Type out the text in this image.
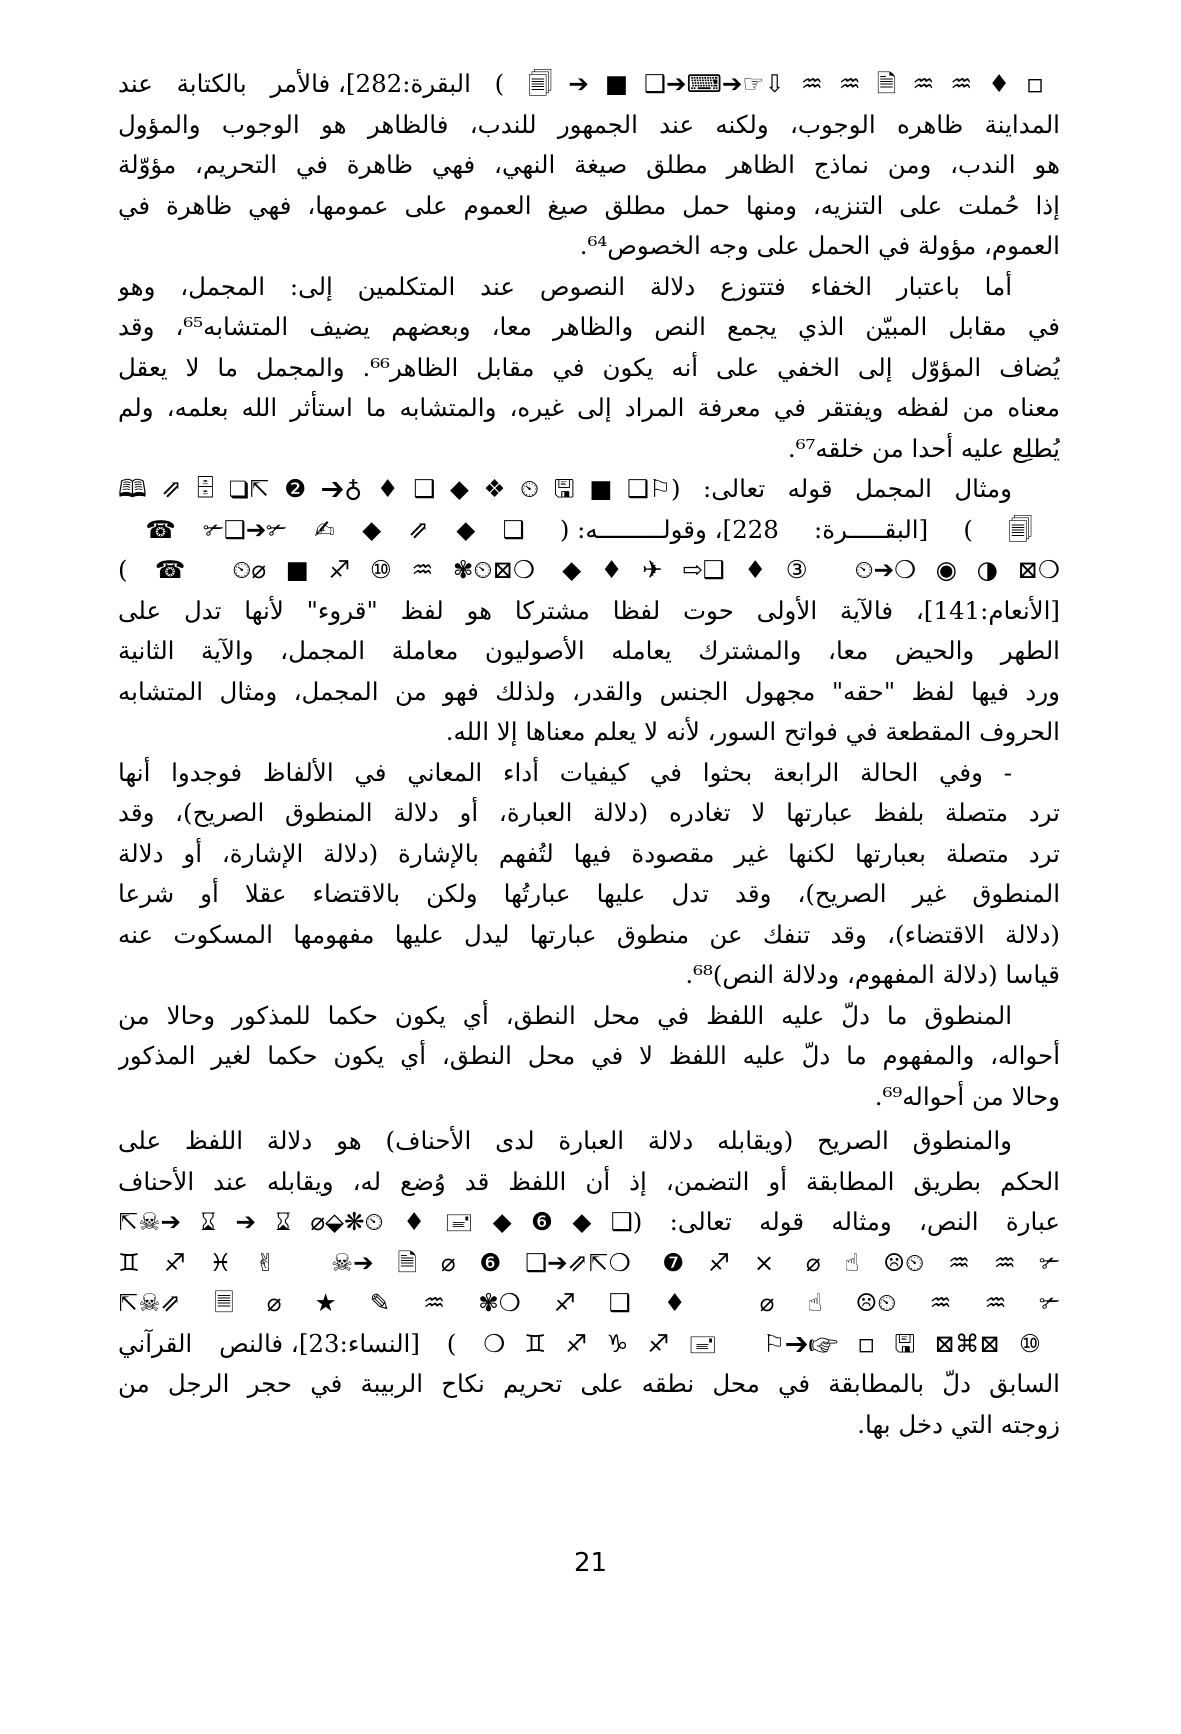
◽♦︎♒︎♒︎🗎♒︎♒︎⇩☞︎➔⌨︎➔❑■➔🗐 ) البقرة:282]، فالأمر بالكتابة عند
المداينة ظاهره الوجوب، ولكنه عند الجمهور للندب، فالظاهر هو الوجوب والمؤول
هو الندب، ومن نماذج الظاهر مطلق صيغة النهي، فهي ظاهرة في التحريم، مؤوّلة
إذا حُملت على التنزيه، ومنها حمل مطلق صيغ العموم على عمومها، فهي ظاهرة في
العموم، مؤولة في الحمل على وجه الخصوص⁶⁴.
أما باعتبار الخفاء فتتوزع دلالة النصوص عند المتكلمين إلى: المجمل، وهو
في مقابل المبيّن الذي يجمع النص والظاهر معا، وبعضهم يضيف المتشابه⁶⁵، وقد
يُضاف المؤوّل إلى الخفي على أنه يكون في مقابل الظاهر⁶⁶. والمجمل ما لا يعقل
معناه من لفظه ويفتقر في معرفة المراد إلى غيره، والمتشابه ما استأثر الله بعلمه، ولم
يُطلِع عليه أحدا من خلقه⁶⁷.
ومثال المجمل قوله تعالى: (⚐❑■🖫⏲︎❖◆❑♦︎♁➔❷⇱❑🗄⇗🕮
🗐 ) [البقـــــرة: 228]، وقولـــــــــه: ( ❑◆⇗◆✍︎✃︎➔❑✃︎☎︎
❍⊠◑◉❍➔⏲︎ ③♦❑⇨✈︎♦◆ ❍⊠⏲︎✾♒︎⑩♐︎■⌀⏲︎ ☎︎ )
[الأنعام:141]، فالآية الأولى حوت لفظا مشتركا هو لفظ "قروء" لأنها تدل على
الطهر والحيض معا، والمشترك يعامله الأصوليون معاملة المجمل، والآية الثانية
ورد فيها لفظ "حقه" مجهول الجنس والقدر، ولذلك فهو من المجمل، ومثال المتشابه
الحروف المقطعة في فواتح السور، لأنه لا يعلم معناها إلا الله.
- وفي الحالة الرابعة بحثوا في كيفيات أداء المعاني في الألفاظ فوجدوا أنها
ترد متصلة بلفظ عبارتها لا تغادره (دلالة العبارة، أو دلالة المنطوق الصريح)، وقد
ترد متصلة بعبارتها لكنها غير مقصودة فيها لتُفهم بالإشارة (دلالة الإشارة، أو دلالة
المنطوق غير الصريح)، وقد تدل عليها عبارتُها ولكن بالاقتضاء عقلا أو شرعا
(دلالة الاقتضاء)، وقد تنفك عن منطوق عبارتها ليدل عليها مفهومها المسكوت عنه
قياسا (دلالة المفهوم، ودلالة النص)⁶⁸.
المنطوق ما دلّ عليه اللفظ في محل النطق، أي يكون حكما للمذكور وحالا من
أحواله، والمفهوم ما دلّ عليه اللفظ لا في محل النطق، أي يكون حكما لغير المذكور
وحالا من أحواله⁶⁹.
والمنطوق الصريح (ويقابله دلالة العبارة لدى الأحناف) هو دلالة اللفظ على
الحكم بطريق المطابقة أو التضمن، إذ أن اللفظ قد وُضع له، ويقابله عند الأحناف
عبارة النص، ومثاله قوله تعالى: (❑◆❻◆🖃♦⏲︎❋⬙⌀⌛︎➔⌛︎➔☠︎⇱
✃︎♒︎♒︎⏲︎☹︎☝︎⌀ ×♐︎❼ ❍⇱⇗➔❑❻⌀🗎➔☠︎ ✌︎♓︎♐︎♊︎
✃︎♒︎♒︎⏲︎☹︎☝︎⌀ ♦︎❑♐︎❍✾♒︎✎★⌀🗏⇗☠︎⇱
⑩⊠⌘⊠🖫◽☞︎➔⚐ 🖃♐︎♑︎♐︎♊︎❍ ) [النساء:23]، فالنص القرآني
السابق دلّ بالمطابقة في محل نطقه على تحريم نكاح الربيبة في حجر الرجل من
زوجته التي دخل بها.
21
